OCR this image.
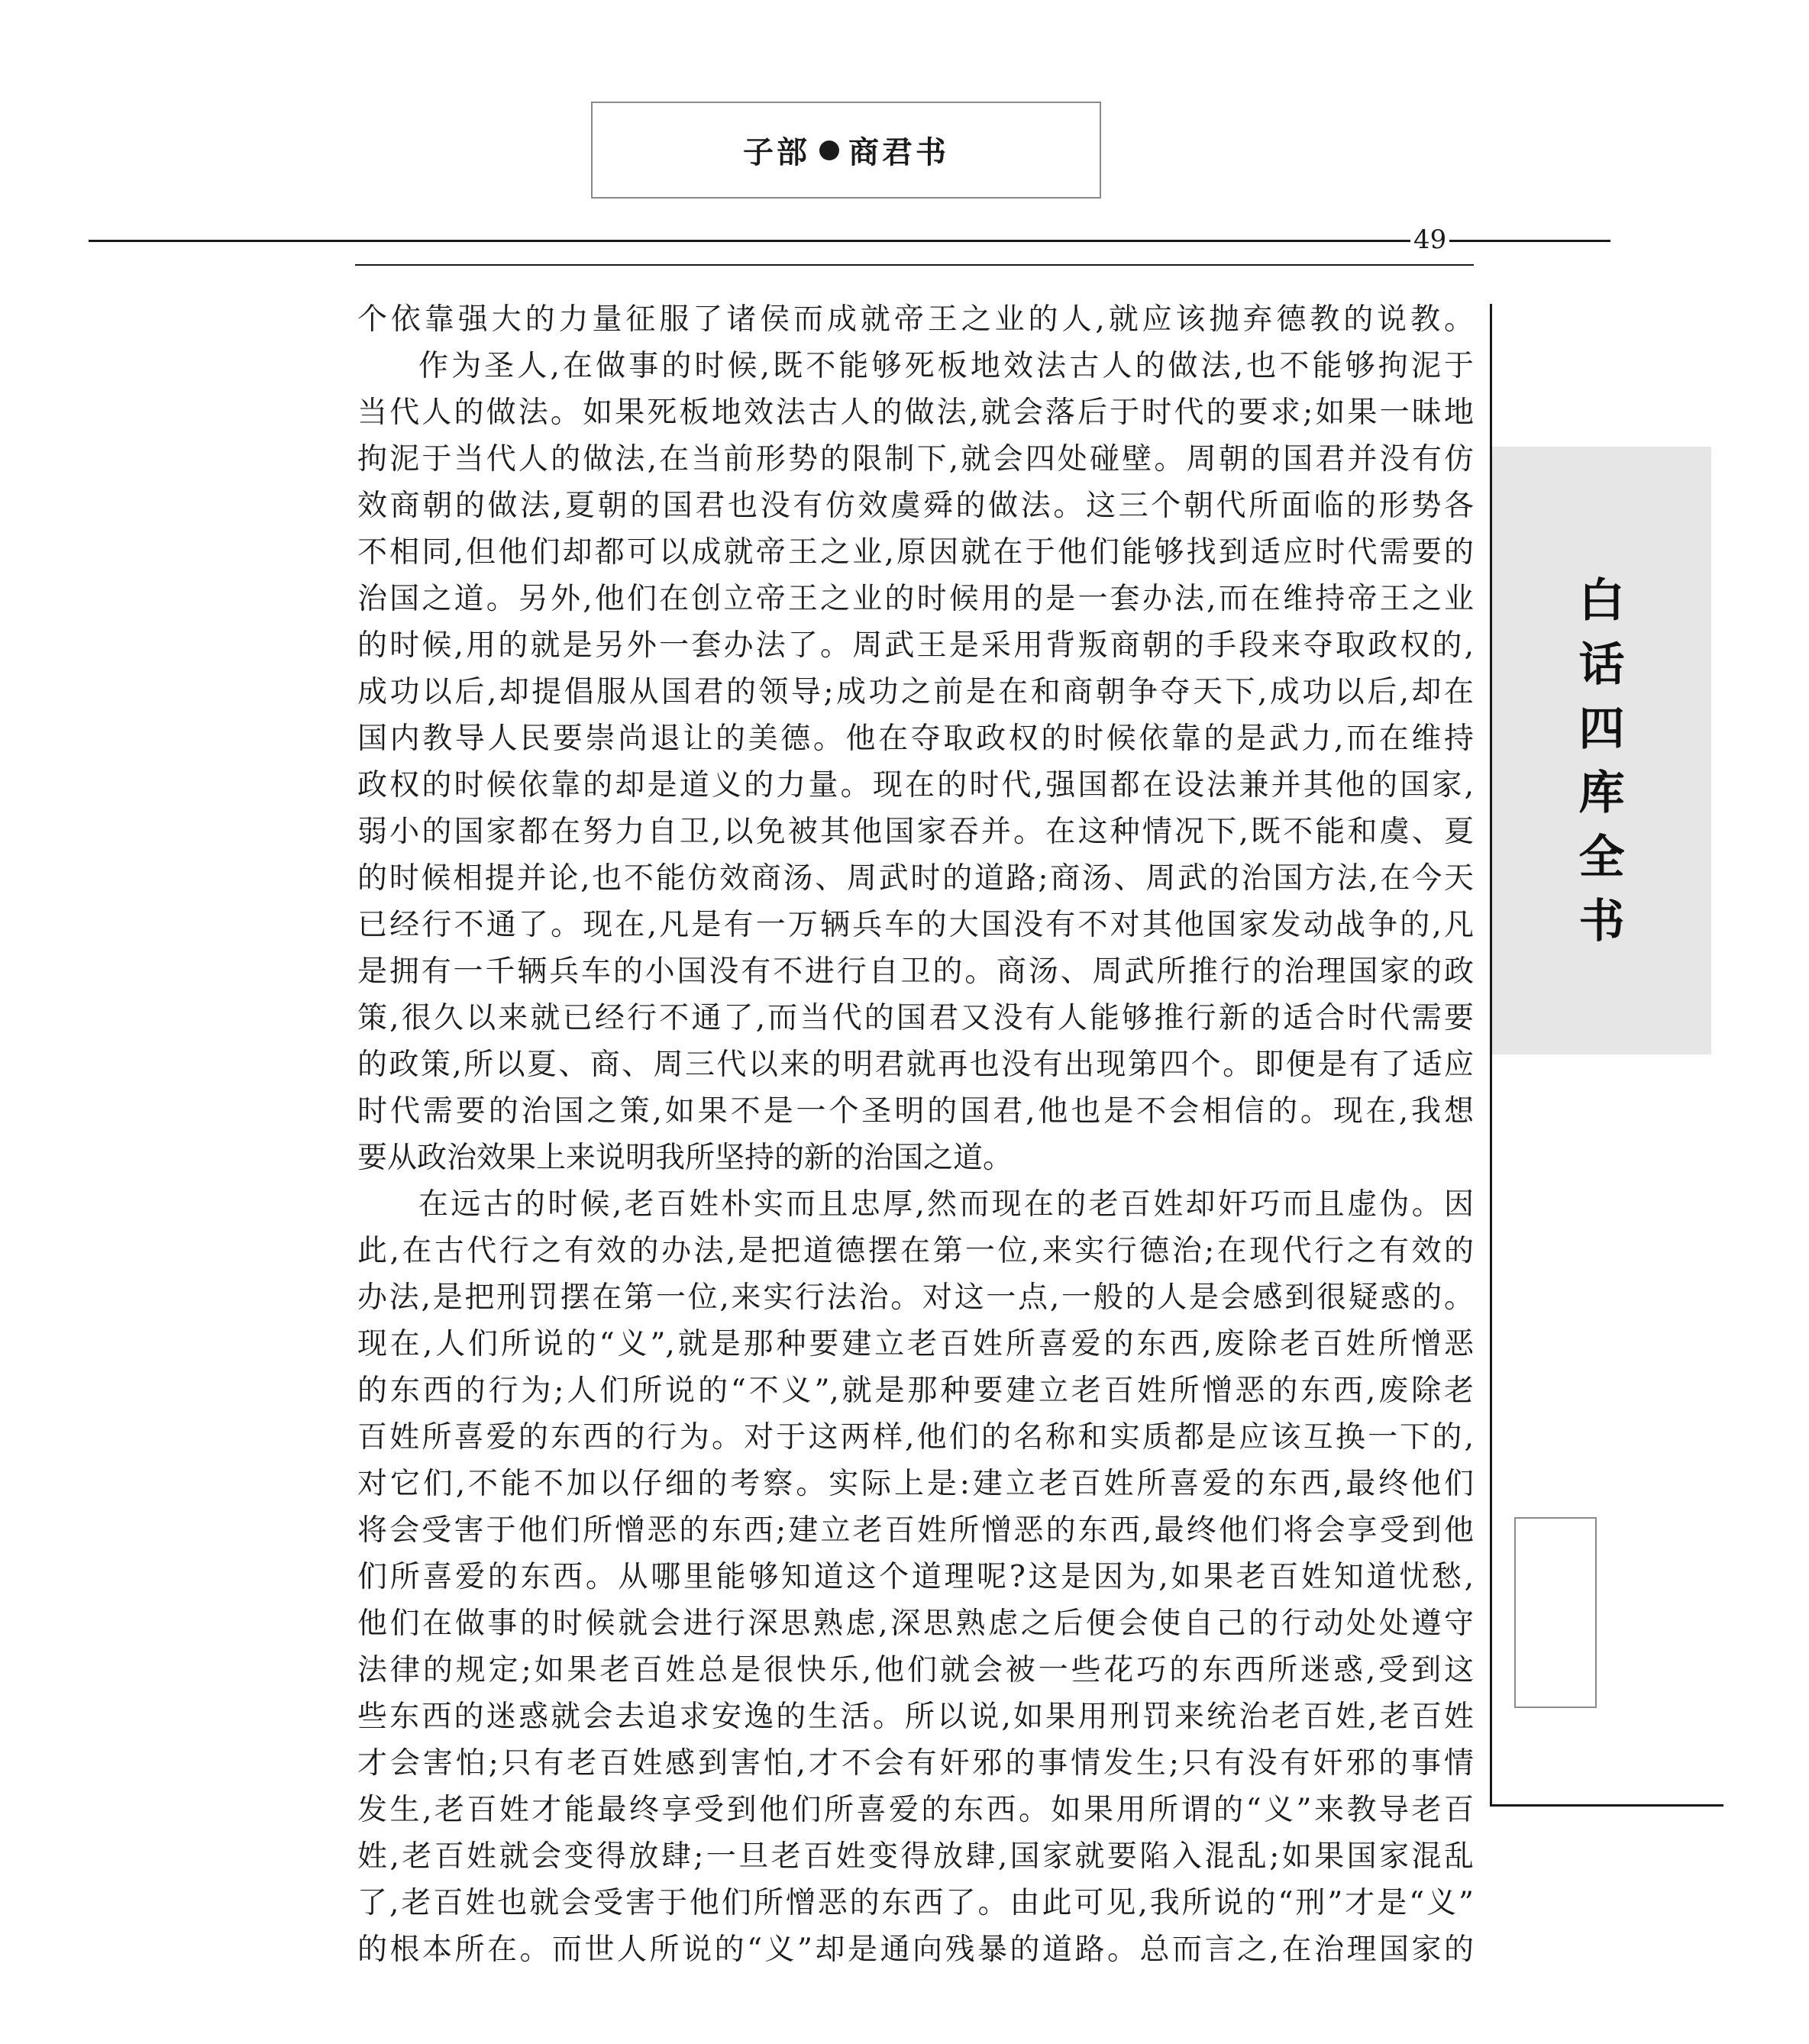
子部 商君书
49
白
话
四
库
全
书
个依靠强大的力量征服了诸侯而成就帝王之业的人,就应该抛弃德教的说教。
作为圣人,在做事的时候,既不能够死板地效法古人的做法,也不能够拘泥于
当代人的做法。如果死板地效法古人的做法,就会落后于时代的要求;如果一昧地
拘泥于当代人的做法,在当前形势的限制下,就会四处碰壁。周朝的国君并没有仿
效商朝的做法,夏朝的国君也没有仿效虞舜的做法。这三个朝代所面临的形势各
不相同,但他们却都可以成就帝王之业,原因就在于他们能够找到适应时代需要的
治国之道。另外,他们在创立帝王之业的时候用的是一套办法,而在维持帝王之业
的时候,用的就是另外一套办法了。周武王是采用背叛商朝的手段来夺取政权的,
成功以后,却提倡服从国君的领导;成功之前是在和商朝争夺天下,成功以后,却在
国内教导人民要崇尚退让的美德。他在夺取政权的时候依靠的是武力,而在维持
政权的时候依靠的却是道义的力量。现在的时代,强国都在设法兼并其他的国家,
弱小的国家都在努力自卫,以免被其他国家吞并。在这种情况下,既不能和虞、夏
的时候相提并论,也不能仿效商汤、周武时的道路;商汤、周武的治国方法,在今天
已经行不通了。现在,凡是有一万辆兵车的大国没有不对其他国家发动战争的,凡
是拥有一千辆兵车的小国没有不进行自卫的。商汤、周武所推行的治理国家的政
策,很久以来就已经行不通了,而当代的国君又没有人能够推行新的适合时代需要
的政策,所以夏、商、周三代以来的明君就再也没有出现第四个。即便是有了适应
时代需要的治国之策,如果不是一个圣明的国君,他也是不会相信的。现在,我想
要从政治效果上来说明我所坚持的新的治国之道。
在远古的时候,老百姓朴实而且忠厚,然而现在的老百姓却奸巧而且虚伪。因
此,在古代行之有效的办法,是把道德摆在第一位,来实行德治;在现代行之有效的
办法,是把刑罚摆在第一位,来实行法治。对这一点,一般的人是会感到很疑惑的。
现在,人们所说的“义”,就是那种要建立老百姓所喜爱的东西,废除老百姓所憎恶
的东西的行为;人们所说的“不义”,就是那种要建立老百姓所憎恶的东西,废除老
百姓所喜爱的东西的行为。对于这两样,他们的名称和实质都是应该互换一下的,
对它们,不能不加以仔细的考察。实际上是:建立老百姓所喜爱的东西,最终他们
将会受害于他们所憎恶的东西;建立老百姓所憎恶的东西,最终他们将会享受到他
们所喜爱的东西。从哪里能够知道这个道理呢?这是因为,如果老百姓知道忧愁,
他们在做事的时候就会进行深思熟虑,深思熟虑之后便会使自己的行动处处遵守
法律的规定;如果老百姓总是很快乐,他们就会被一些花巧的东西所迷惑,受到这
些东西的迷惑就会去追求安逸的生活。所以说,如果用刑罚来统治老百姓,老百姓
才会害怕;只有老百姓感到害怕,才不会有奸邪的事情发生;只有没有奸邪的事情
发生,老百姓才能最终享受到他们所喜爱的东西。如果用所谓的“义”来教导老百
姓,老百姓就会变得放肆;一旦老百姓变得放肆,国家就要陷入混乱;如果国家混乱
了,老百姓也就会受害于他们所憎恶的东西了。由此可见,我所说的“刑”才是“义”
的根本所在。而世人所说的“义”却是通向残暴的道路。总而言之,在治理国家的
